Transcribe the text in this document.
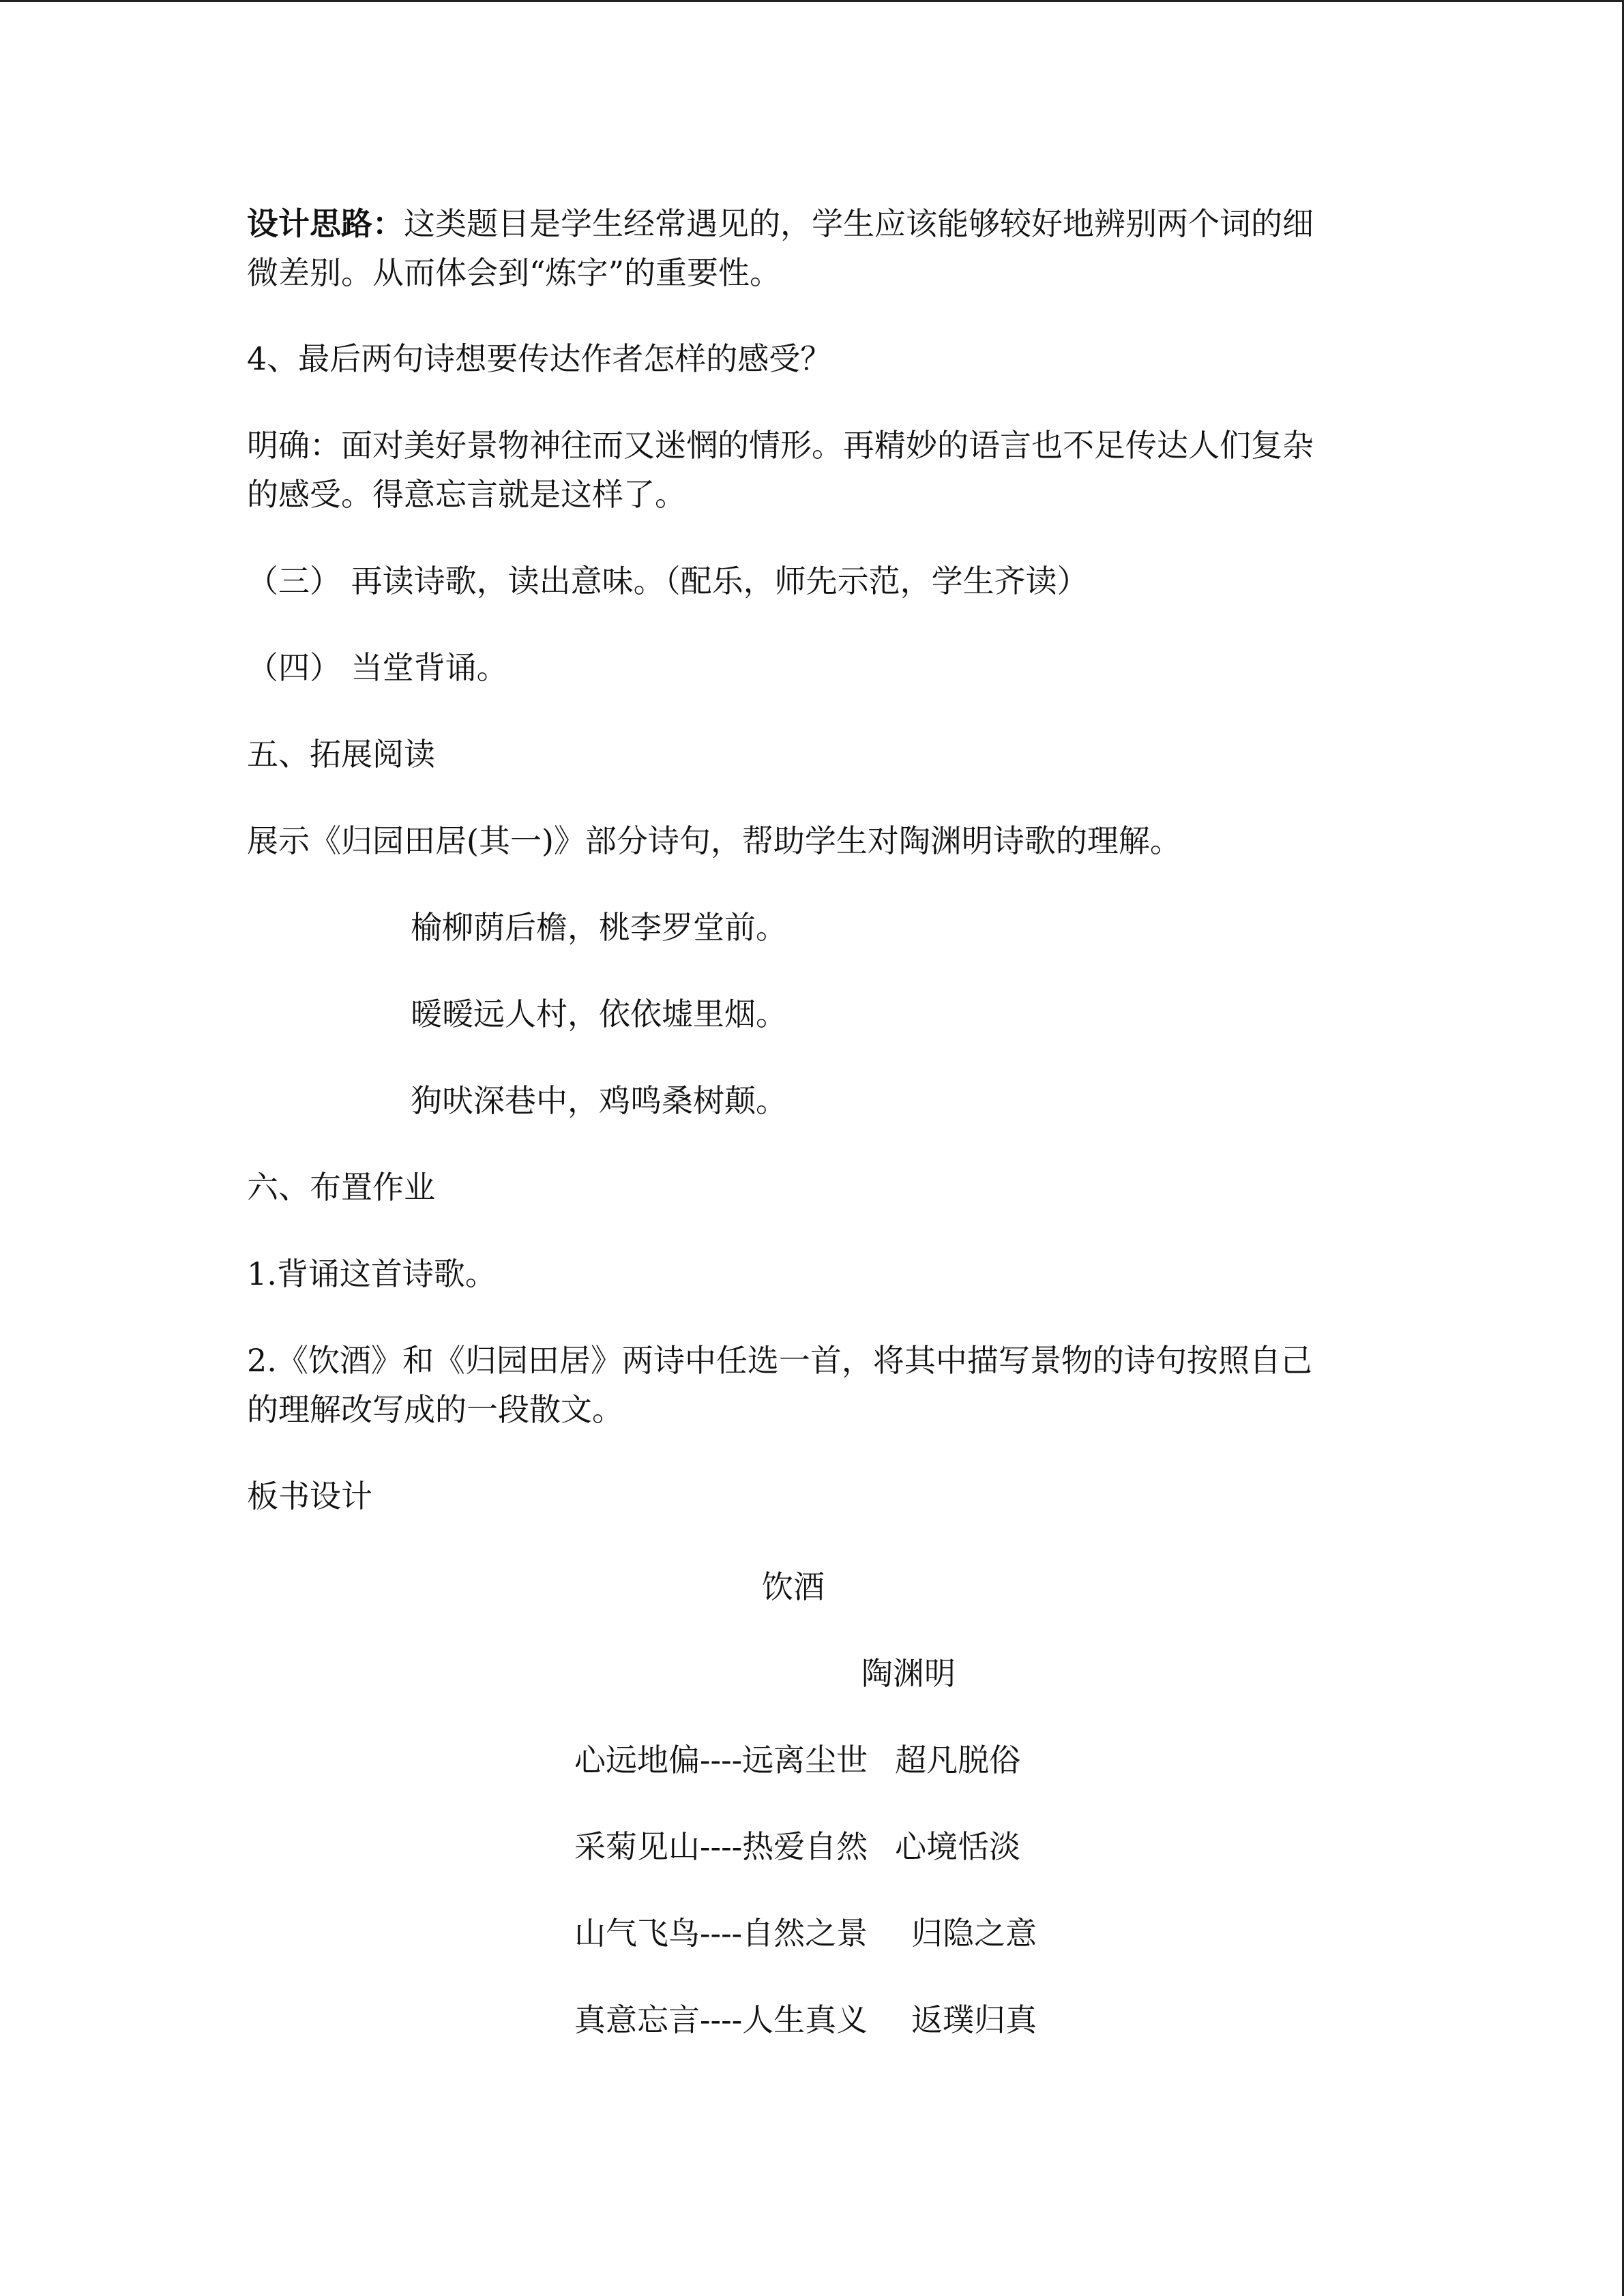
设计思路：这类题目是学生经常遇见的，学生应该能够较好地辨别两个词的细
微差别。从而体会到“炼字”的重要性。
4、最后两句诗想要传达作者怎样的感受？
明确：面对美好景物神往而又迷惘的情形。再精妙的语言也不足传达人们复杂
的感受。得意忘言就是这样了。
（三） 再读诗歌，读出意味。（配乐，师先示范，学生齐读）
（四） 当堂背诵。
五、拓展阅读
展示《归园田居(其一)》部分诗句，帮助学生对陶渊明诗歌的理解。
榆柳荫后檐，桃李罗堂前。
暧暧远人村，依依墟里烟。
狗吠深巷中，鸡鸣桑树颠。
六、布置作业
1.背诵这首诗歌。
2.《饮酒》和《归园田居》两诗中任选一首，将其中描写景物的诗句按照自己
的理解改写成的一段散文。
板书设计
饮酒
陶渊明
心远地偏----远离尘世 超凡脱俗
采菊见山----热爱自然 心境恬淡
山气飞鸟----自然之景 归隐之意
真意忘言----人生真义 返璞归真
